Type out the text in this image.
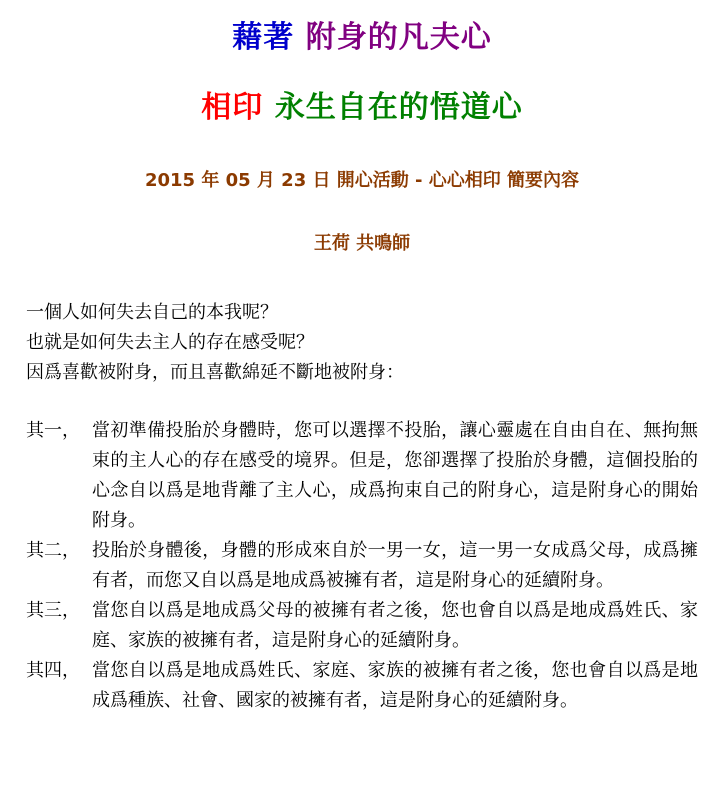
藉著 附身的凡夫心
相印 永生自在的悟道心
2015 年 05 月 23 日 開心活動 - 心心相印 簡要內容
王荷 共鳴師
一個人如何失去自己的本我呢？
也就是如何失去主人的存在感受呢？
因爲喜歡被附身，而且喜歡綿延不斷地被附身：
其一， 當初準備投胎於身體時，您可以選擇不投胎，讓心靈處在自由自在、無拘無束的主人心的存在感受的境界。但是，您卻選擇了投胎於身體，這個投胎的心念自以爲是地背離了主人心，成爲拘束自己的附身心，這是附身心的開始附身。
其二， 投胎於身體後，身體的形成來自於一男一女，這一男一女成爲父母，成爲擁有者，而您又自以爲是地成爲被擁有者，這是附身心的延續附身。
其三， 當您自以爲是地成爲父母的被擁有者之後，您也會自以爲是地成爲姓氏、家庭、家族的被擁有者，這是附身心的延續附身。
其四， 當您自以爲是地成爲姓氏、家庭、家族的被擁有者之後，您也會自以爲是地成爲種族、社會、國家的被擁有者，這是附身心的延續附身。
